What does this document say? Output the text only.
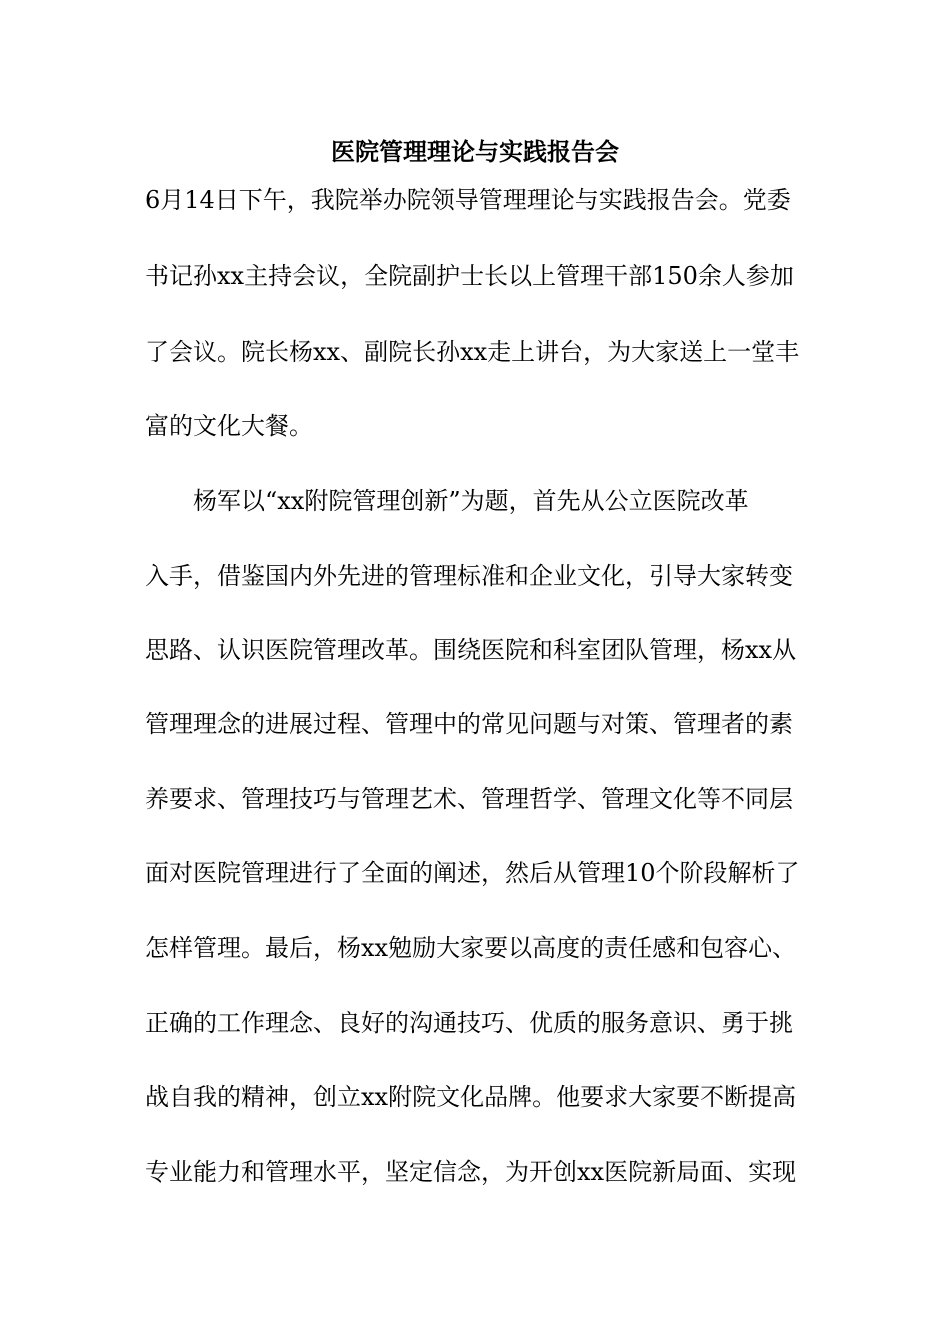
医院管理理论与实践报告会
6月14日下午，我院举办院领导管理理论与实践报告会。党委
书记孙xx主持会议，全院副护士长以上管理干部150余人参加
了会议。院长杨xx、副院长孙xx走上讲台，为大家送上一堂丰
富的文化大餐。
　　杨军以“xx附院管理创新”为题，首先从公立医院改革
入手，借鉴国内外先进的管理标准和企业文化，引导大家转变
思路、认识医院管理改革。围绕医院和科室团队管理，杨xx从
管理理念的进展过程、管理中的常见问题与对策、管理者的素
养要求、管理技巧与管理艺术、管理哲学、管理文化等不同层
面对医院管理进行了全面的阐述，然后从管理10个阶段解析了
怎样管理。最后，杨xx勉励大家要以高度的责任感和包容心、
正确的工作理念、良好的沟通技巧、优质的服务意识、勇于挑
战自我的精神，创立xx附院文化品牌。他要求大家要不断提高
专业能力和管理水平，坚定信念，为开创xx医院新局面、实现
